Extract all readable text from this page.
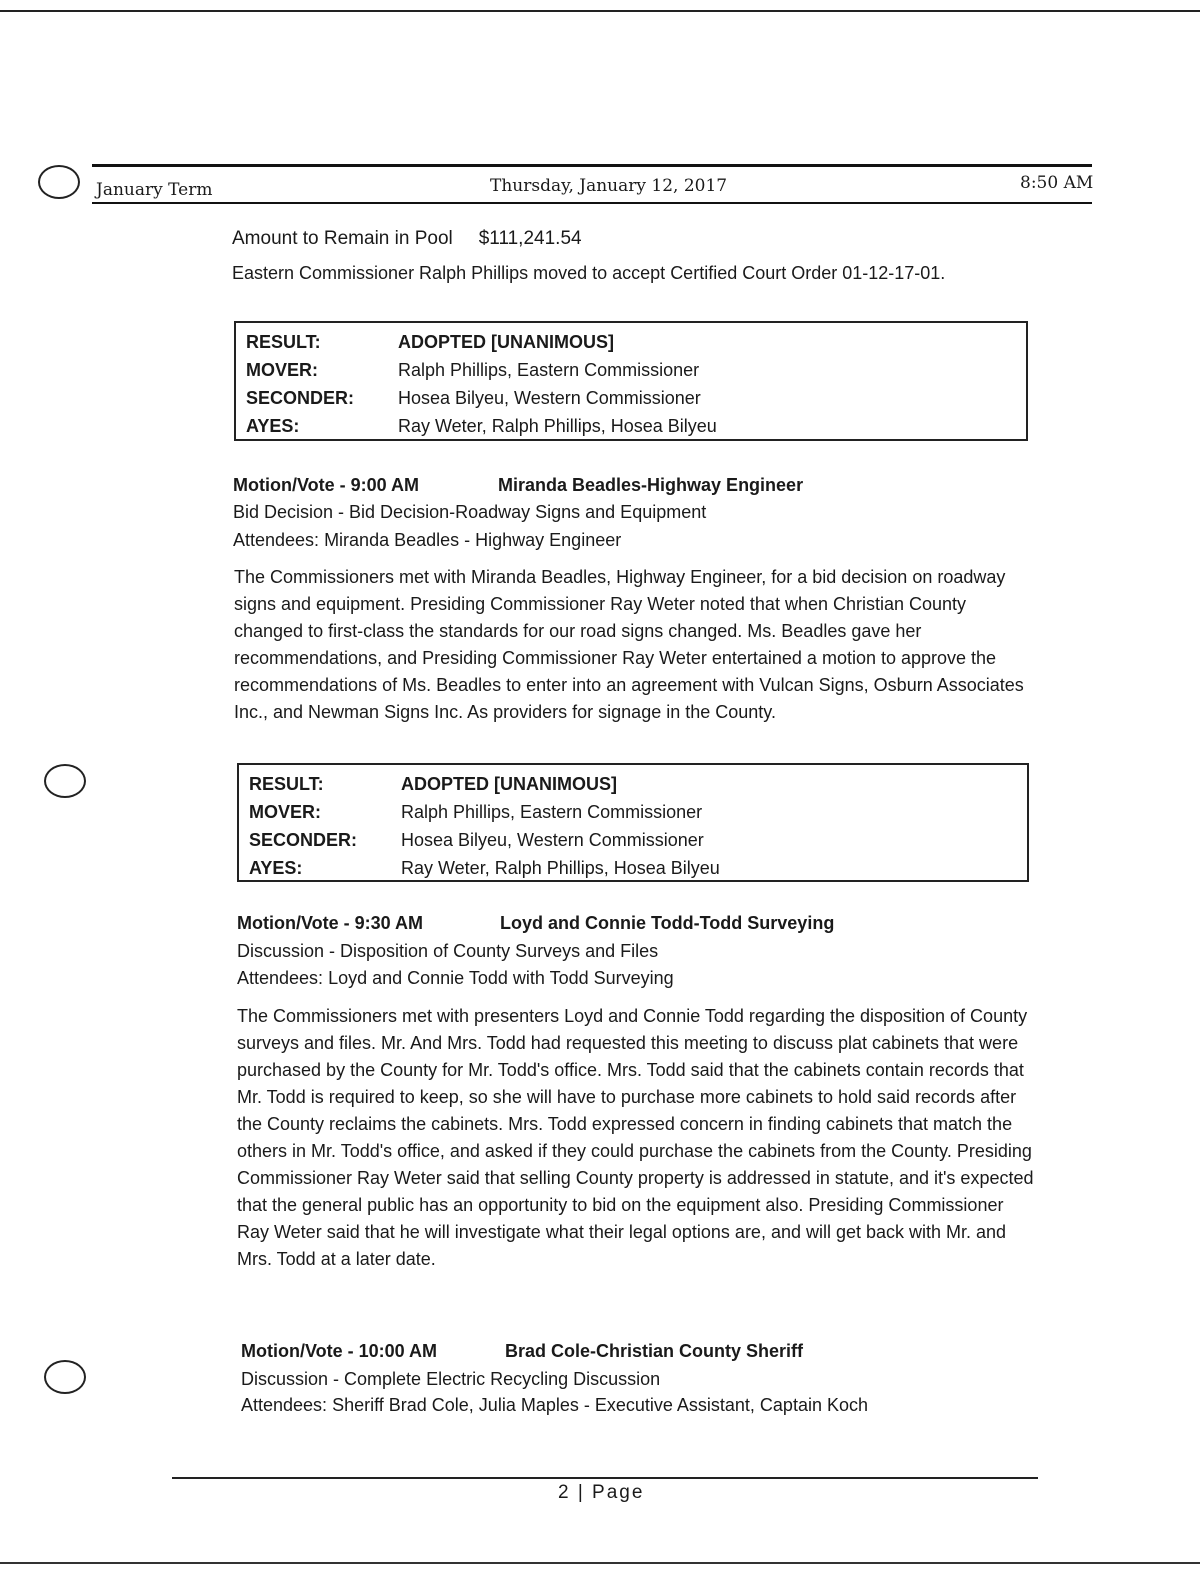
January Term	Thursday, January 12, 2017	8:50 AM
Amount to Remain in Pool $111,241.54
Eastern Commissioner Ralph Phillips moved to accept Certified Court Order 01-12-17-01.
RESULT:	ADOPTED [UNANIMOUS]
MOVER:	Ralph Phillips, Eastern Commissioner
SECONDER: Hosea Bilyeu, Western Commissioner
AYES:	Ray Weter, Ralph Phillips, Hosea Bilyeu
Motion/Vote - 9:00 AM	Miranda Beadles-Highway Engineer
Bid Decision - Bid Decision-Roadway Signs and Equipment
Attendees: Miranda Beadles - Highway Engineer
The Commissioners met with Miranda Beadles, Highway Engineer, for a bid decision on roadway signs and equipment. Presiding Commissioner Ray Weter noted that when Christian County changed to first-class the standards for our road signs changed. Ms. Beadles gave her recommendations, and Presiding Commissioner Ray Weter entertained a motion to approve the recommendations of Ms. Beadles to enter into an agreement with Vulcan Signs, Osburn Associates Inc., and Newman Signs Inc. As providers for signage in the County.
RESULT:	ADOPTED [UNANIMOUS]
MOVER:	Ralph Phillips, Eastern Commissioner
SECONDER: Hosea Bilyeu, Western Commissioner
AYES:	Ray Weter, Ralph Phillips, Hosea Bilyeu
Motion/Vote - 9:30 AM	Loyd and Connie Todd-Todd Surveying
Discussion - Disposition of County Surveys and Files
Attendees: Loyd and Connie Todd with Todd Surveying
The Commissioners met with presenters Loyd and Connie Todd regarding the disposition of County surveys and files. Mr. And Mrs. Todd had requested this meeting to discuss plat cabinets that were purchased by the County for Mr. Todd's office. Mrs. Todd said that the cabinets contain records that Mr. Todd is required to keep, so she will have to purchase more cabinets to hold said records after the County reclaims the cabinets. Mrs. Todd expressed concern in finding cabinets that match the others in Mr. Todd's office, and asked if they could purchase the cabinets from the County. Presiding Commissioner Ray Weter said that selling County property is addressed in statute, and it's expected that the general public has an opportunity to bid on the equipment also. Presiding Commissioner Ray Weter said that he will investigate what their legal options are, and will get back with Mr. and Mrs. Todd at a later date.
Motion/Vote - 10:00 AM	Brad Cole-Christian County Sheriff
Discussion - Complete Electric Recycling Discussion
Attendees: Sheriff Brad Cole, Julia Maples - Executive Assistant, Captain Koch
2 | Page
